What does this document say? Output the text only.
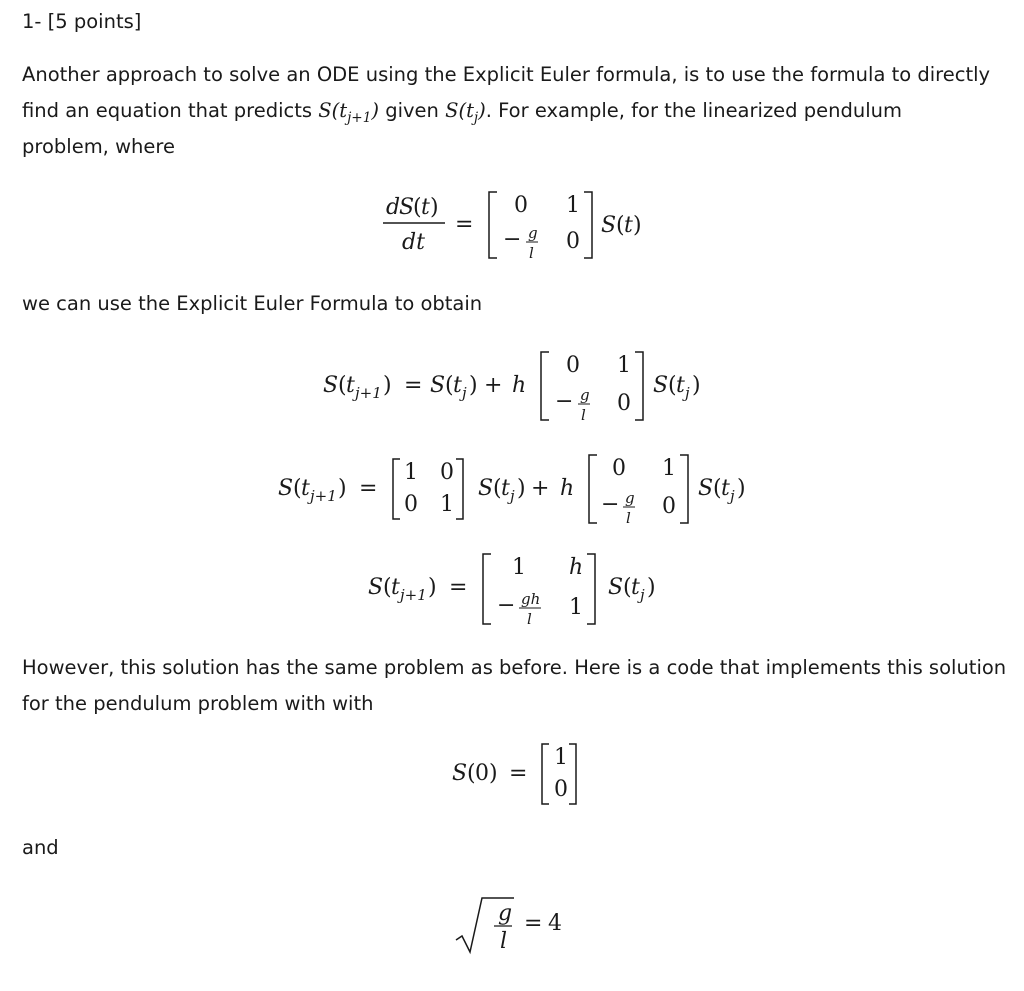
1- [5 points]

Another approach to solve an ODE using the Explicit Euler formula, is to use the formula to directly
find an equation that predicts $S(t_{j+1})$ given $S(t_j)$. For example, for the linearized pendulum
problem, where

d
S
( t )
dt
=
0 1
− g
l 0
S ( t )
we can use the Explicit Euler Formula to obtain
S ( t j+1 ) = S ( t j ) + h
0 1
− g
l 0
S ( t j )
S ( t j+1 ) =
1 0
0 1
S ( t j ) + h
0 1
− g
l 0
S ( t j )
S ( t j+1 ) =
1 h
− gh
l 1
S ( t j )

However, this solution has the same problem as before. Here is a code that implements this solution
for the pendulum problem with with

S ( 0 ) =
1
0
and
g
l
= 4
